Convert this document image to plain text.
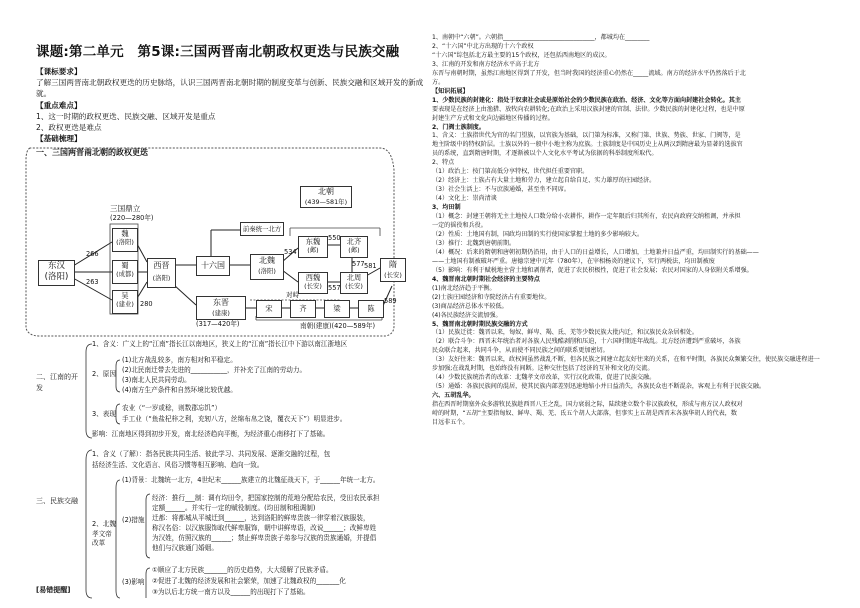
课题:第二单元　第5课:三国两晋南北朝政权更迭与民族交融
【课标要求】
了解三国两晋南北朝政权更迭的历史脉络，认识三国两晋南北朝时期的制度变革与创新、民族交融和区域开发的新成
就。
【重点难点】
1、这一时期的政权更迭、民族交融、区域开发是重点
2、政权更迭是难点
【基础梳理】
一、三国两晋南北朝的政权更迭
北朝
(439—581年)
三国鼎立
(220—280年)
前秦统一北方
魏
(洛阳)
蜀
(成都)
吴
(建业)
东汉
(洛阳)
西晋
(洛阳)
十六国
北魏
(洛阳)
东魏
(邺)
北齐
(邺)
西魏
(长安)
北周
(长安)
隋
(长安)
东晋
(建康)
(317—420年)
宋	齐	梁	陈
南朝(建康)(420—589年)
266
263
280	589
581
577
534
557
550
对峙
二、江南的开发
1、含义：广义上的“江南”指长江以南地区，狭义上的“江南”指长江中下游以南江浙地区
2、原因
(1)北方战乱较多，南方相对和平稳定。
(2)北民南迁带去先进的___________，并补充了江南的劳动力。
(3)南北人民共同劳动。
(4)南方生产条件和自然环境比较优越。
3、表现
农业（“一岁或稔，则数郡忘饥”）
手工业（“鱼盐杞梓之利，充轫八方，丝绵布帛之饶，覆衣天下”）明显进步。
影响：江南地区得到初步开发，南北经济趋向平衡，为经济重心南移打下了基础。
三、民族交融
1、含义（了解）：指各民族共同生活、彼此学习、共同发展、逐渐交融的过程，包
括经济生活、文化语言、风俗习惯等相互影响、趋向一致。
(1)背景：北魏统一北方，4世纪末______族建立的北魏征战天下，于______年统一北方。
2、北魏孝文帝改革
(2)措施
经济：推行___制：调有均田令，把国家控制的荒地分配给农民，受田农民承担
定额______。并实行一定的赋役制度。(均田制和租调制)
迁都：将都城从平城迁到______，达到洛阳的鲜卑贵族一律穿着汉族服装，
称汉名俗：以汉族服饰取代鲜卑服饰，朝中讲鲜卑语，改说______；改鲜卑姓
为汉姓，仿照汉族的______；禁止鲜卑贵族子弟参与汉族的贵族通婚，并提倡
他们与汉族通门婚姻。
(3)影响
①顺应了北方民族_______的历史趋势，大大缓解了民族矛盾。
②促进了北魏的经济发展和社会繁荣，加速了北魏政权的_______化
③为以后北方统一南方以及______的出现打下了基础。
[易错提醒]
1、南朝中“六朝”。六朝指______________________________，都城均在________
2、“十六国”中北方出现的十六个政权
“十六国”综包括北方最主要的15个政权，还包括西南地区的成汉。
3、江南的开发和南方经济水平高于北方
东晋与南朝时期，虽然江南地区得到了开发，但当时我国的经济重心仍然在_____流域。南方的经济水平仍然落后于北
方。
【知识拓展】
1、少数民族的封建化：指处于奴隶社会或是原始社会的少数民族在政治、经济、文化等方面向封建社会转化。其主
要表现是在经济上由渔猎、放牧向农耕转化;在政治上采用汉族封建的官制、法律。少数民族的封建化过程，也是中原
封建生产方式和文化向边疆地区传播的过程。
2、门阀士族制度。
1、含义：士族指世代为官的名门望族，以官族为基础，以门第为标准，又称门第、世族、势族、世家、门阀等，是
地主阶级中的特权阶层。士族以外的一般中小地主称为庶族。士族制度是中国历史上从两汉到隋唐最为显著的选拔官
员的系统，直到隋唐时期，才逐渐被以个人文化水平考试为依据的科举制度所取代。
2、特点
（1）政治上：按门第高低分享特权，世代担任重要官职。
（2）经济上：士族占有大量土地和劳力，建立起自给自足、实力雄厚的庄园经济。
（3）社会生活上：不与庶族通婚，甚至坐不同席。
（4）文化上：崇尚清谈
3、均田制
（1）概念：封建王朝将无主土地按人口数分给小农耕作，耕作一定年限后归其所有，农民向政府交纳租调，并承担
一定的徭役和兵役。
（2）性质：土地国有制，国政均田制的实行使国家掌握土地的多少影响较大。
（3）推行：北魏到唐朝前期。
（4）概况：后来的隋朝和唐朝初期仍沿用，由于人口的日益增长，人口增加，土地兼并日益严重，均田制实行的基础——
——土地国有制被破坏严重。唐德宗建中元年（780年），在宰相杨炎的建议下，实行两税法，均田制被废
（5）影响：有利于赋税地主营土地和剥削者，促进了农民积极性，促进了社会发展；农民对国家的人身依附关系增强。
4、魏晋南北朝时期社会经济的主要特点
(1)南北经济趋于平衡。
(2)士族庄园经济和寺院经济占有重要地位。
(3)商品经济总体水平较低。
(4)各民族经济交流加强。
5、魏晋南北朝时期民族交融的方式
（1）民族迁徙：魏晋以来，匈奴、鲜卑、羯、氐、羌等少数民族大批内迁，和汉族民众杂居相处。
（2）联合斗争：西晋末年统治者对各族人民残酷剥削和压迫，十六国时期连年战乱。北方经济遭到严重破坏，各族
民众联合起来，共同斗争，从而使不同民族之间的联系更加密切。
（3）友好往来：魏晋以来，政权间虽然战乱不断，但各民族之间建立起友好往来的关系，在和平时期，各族民众频繁交往，使民族交融进程进一
步加强;在战乱时期，也始终没有间断。这种交往包括了经济的互补和文化的交流。
（4）少数民族统治者的改革：北魏孝文帝改革，实行汉化政策，促进了民族交融。
（5）通婚：各族民族间的混居，使其民族内部差别迅速地缩小并日益消失，各族民众也不断混杂，客观上有利于民族交融。
六、五胡乱华。
指在西晋时期塞外众多游牧民族趁西晋八王之乱，国力衰弱之际，陆续建立数个非汉族政权，形成与南方汉人政权对
峙的时期，“五胡”主要指匈奴、鲜卑、羯、羌、氐五个胡人大部落，但事实上五胡是西晋末各族华胡人的代表，数
目远非五个。
